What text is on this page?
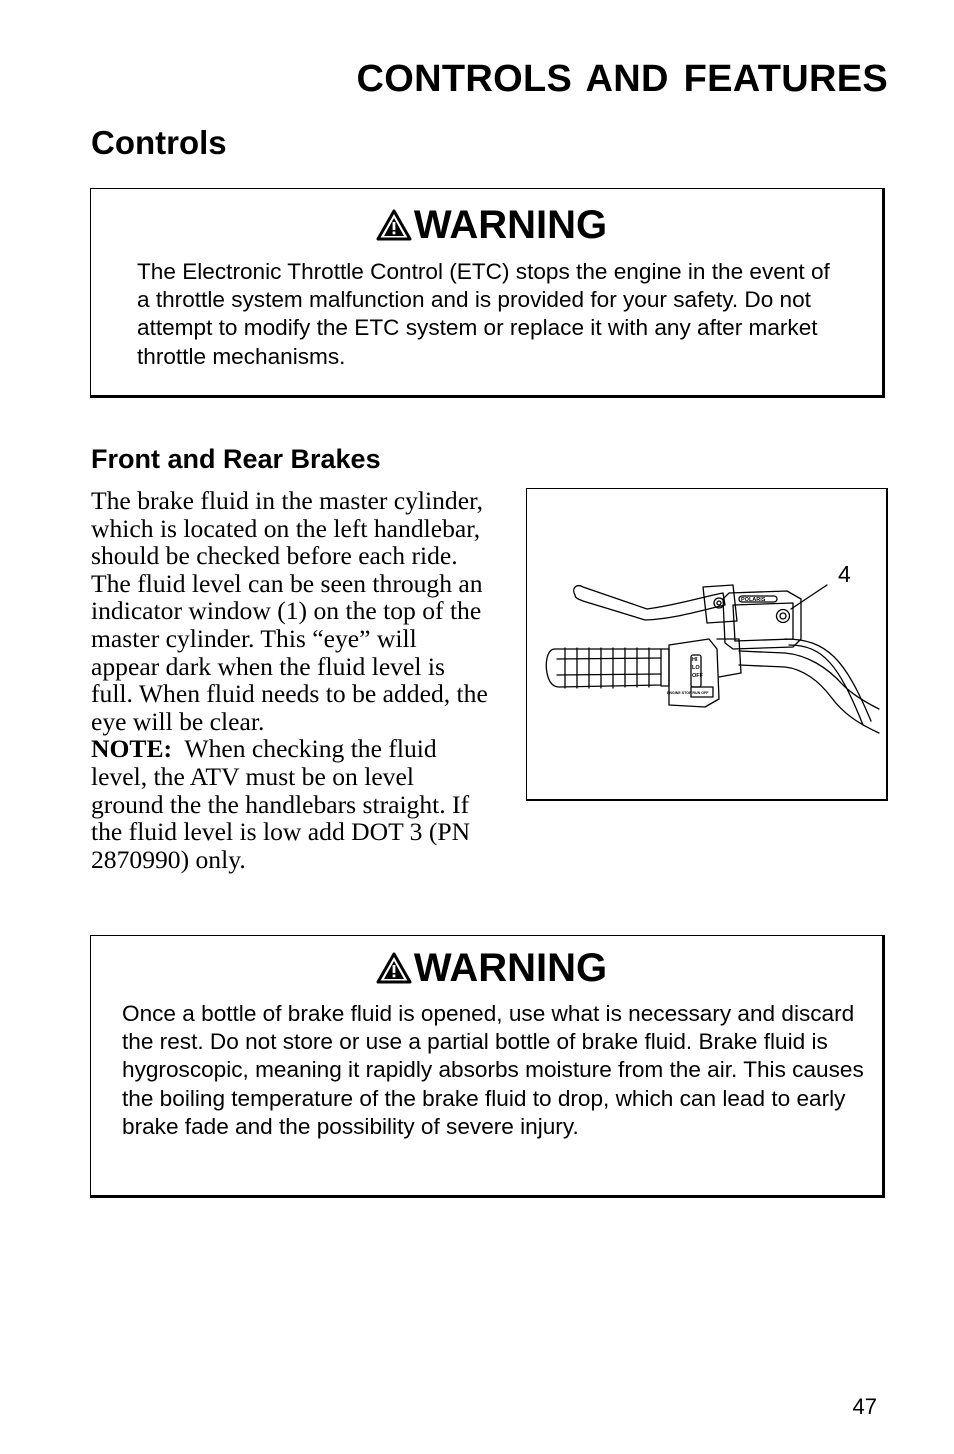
CONTROLS AND FEATURES
Controls
WARNING
The Electronic Throttle Control (ETC) stops the engine in the event of a throttle system malfunction and is provided for your safety. Do not attempt to modify the ETC system or replace it with any after market throttle mechanisms.
Front and Rear Brakes
The brake fluid in the master cylinder, which is located on the left handlebar, should be checked before each ride. The fluid level can be seen through an indicator window (1) on the top of the master cylinder. This “eye” will appear dark when the fluid level is full. When fluid needs to be added, the eye will be clear.
NOTE: When checking the fluid level, the ATV must be on level ground the the handlebars straight. If the fluid level is low add DOT 3 (PN 2870990) only.
POLARIS
HI
LO
OFF
ENGINE STOP RUN OFF
4
WARNING
Once a bottle of brake fluid is opened, use what is necessary and discard the rest. Do not store or use a partial bottle of brake fluid. Brake fluid is hygroscopic, meaning it rapidly absorbs moisture from the air. This causes the boiling temperature of the brake fluid to drop, which can lead to early brake fade and the possibility of severe injury.
47
